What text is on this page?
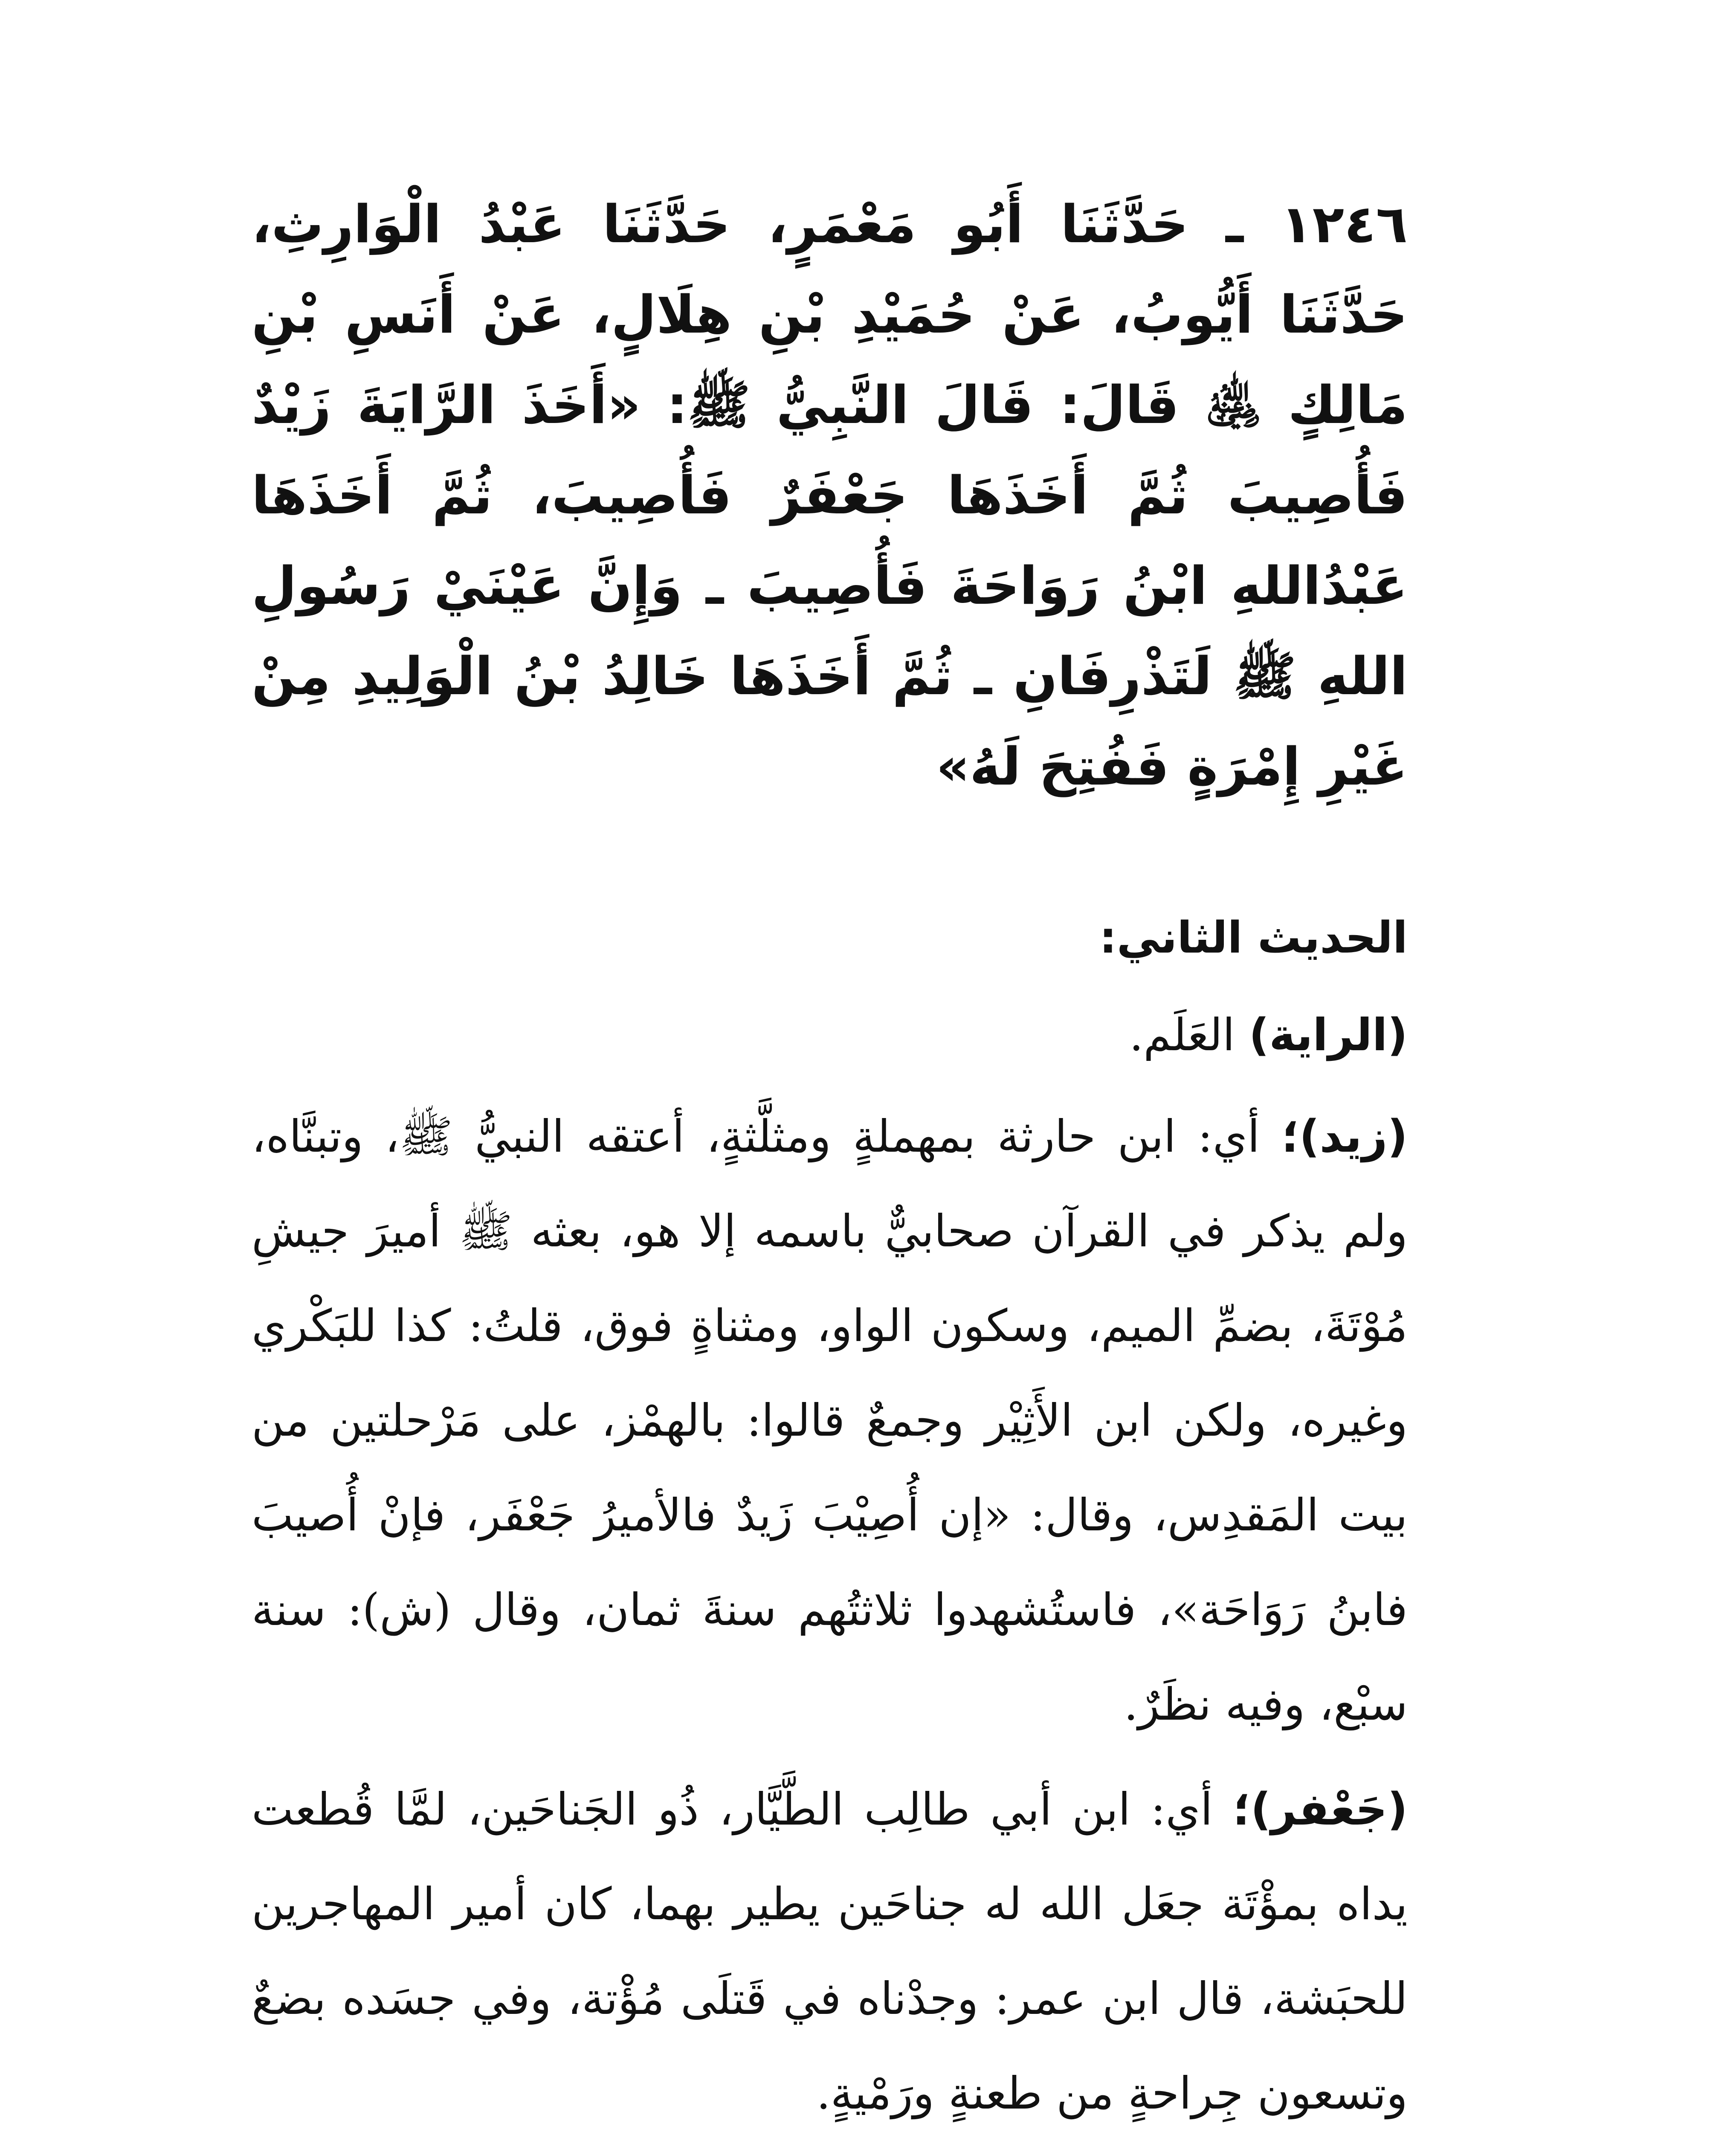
١٢٤٦ ـ حَدَّثَنَا أَبُو مَعْمَرٍ، حَدَّثَنَا عَبْدُ الْوَارِثِ، حَدَّثَنَا أَيُّوبُ، عَنْ حُمَيْدِ بْنِ هِلَالٍ، عَنْ أَنَسِ بْنِ مَالِكٍ ﵁ قَالَ: قَالَ النَّبِيُّ ﷺ: «أَخَذَ الرَّايَةَ زَيْدٌ فَأُصِيبَ ثُمَّ أَخَذَهَا جَعْفَرٌ فَأُصِيبَ، ثُمَّ أَخَذَهَا عَبْدُاللهِ ابْنُ رَوَاحَةَ فَأُصِيبَ ـ وَإِنَّ عَيْنَيْ رَسُولِ اللهِ ﷺ لَتَذْرِفَانِ ـ ثُمَّ أَخَذَهَا خَالِدُ بْنُ الْوَلِيدِ مِنْ غَيْرِ إِمْرَةٍ فَفُتِحَ لَهُ»

الحديث الثاني:

(الراية) العَلَم.

(زيد)؛ أي: ابن حارثة بمهملةٍ ومثلَّثةٍ، أعتقه النبيُّ ﷺ، وتبنَّاه، ولم يذكر في القرآن صحابيٌّ باسمه إلا هو، بعثه ﷺ أميرَ جيشِ مُوْتَةَ، بضمِّ الميم، وسكون الواو، ومثناةٍ فوق، قلتُ: كذا للبَكْري وغيره، ولكن ابن الأَثِيْر وجمعٌ قالوا: بالهمْز، على مَرْحلتين من بيت المَقدِس، وقال: «إن أُصِيْبَ زَيدٌ فالأميرُ جَعْفَر، فإنْ أُصيبَ فابنُ رَوَاحَة»، فاستُشهدوا ثلاثتُهم سنةَ ثمان، وقال (ش): سنة سبْع، وفيه نظَرٌ.

(جَعْفر)؛ أي: ابن أبي طالِب الطَّيَّار، ذُو الجَناحَين، لمَّا قُطعت يداه بمؤْتَة جعَل الله له جناحَين يطير بهما، كان أمير المهاجرين للحبَشة، قال ابن عمر: وجدْناه في قَتلَى مُؤْتة، وفي جسَده بضعٌ وتسعون جِراحةٍ من طعنةٍ ورَمْيةٍ.
